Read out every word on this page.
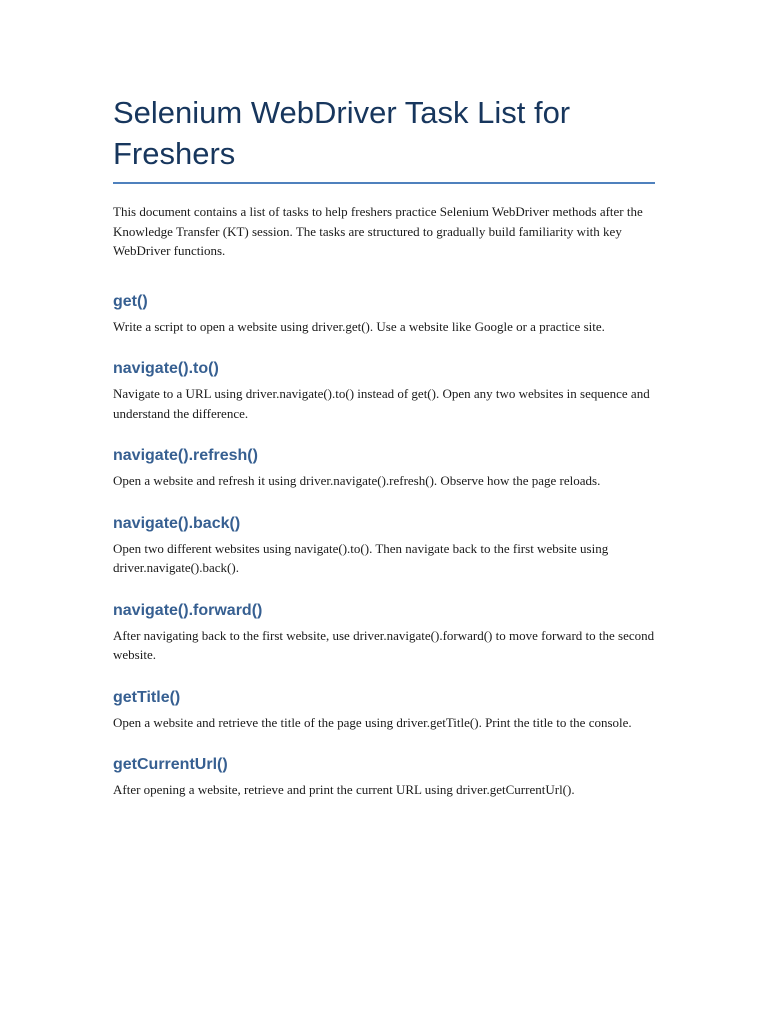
Selenium WebDriver Task List for Freshers

This document contains a list of tasks to help freshers practice Selenium WebDriver methods after the Knowledge Transfer (KT) session. The tasks are structured to gradually build familiarity with key WebDriver functions.

get()

Write a script to open a website using driver.get(). Use a website like Google or a practice site.

navigate().to()

Navigate to a URL using driver.navigate().to() instead of get(). Open any two websites in sequence and understand the difference.

navigate().refresh()

Open a website and refresh it using driver.navigate().refresh(). Observe how the page reloads.

navigate().back()

Open two different websites using navigate().to(). Then navigate back to the first website using driver.navigate().back().

navigate().forward()

After navigating back to the first website, use driver.navigate().forward() to move forward to the second website.

getTitle()

Open a website and retrieve the title of the page using driver.getTitle(). Print the title to the console.

getCurrentUrl()

After opening a website, retrieve and print the current URL using driver.getCurrentUrl().
